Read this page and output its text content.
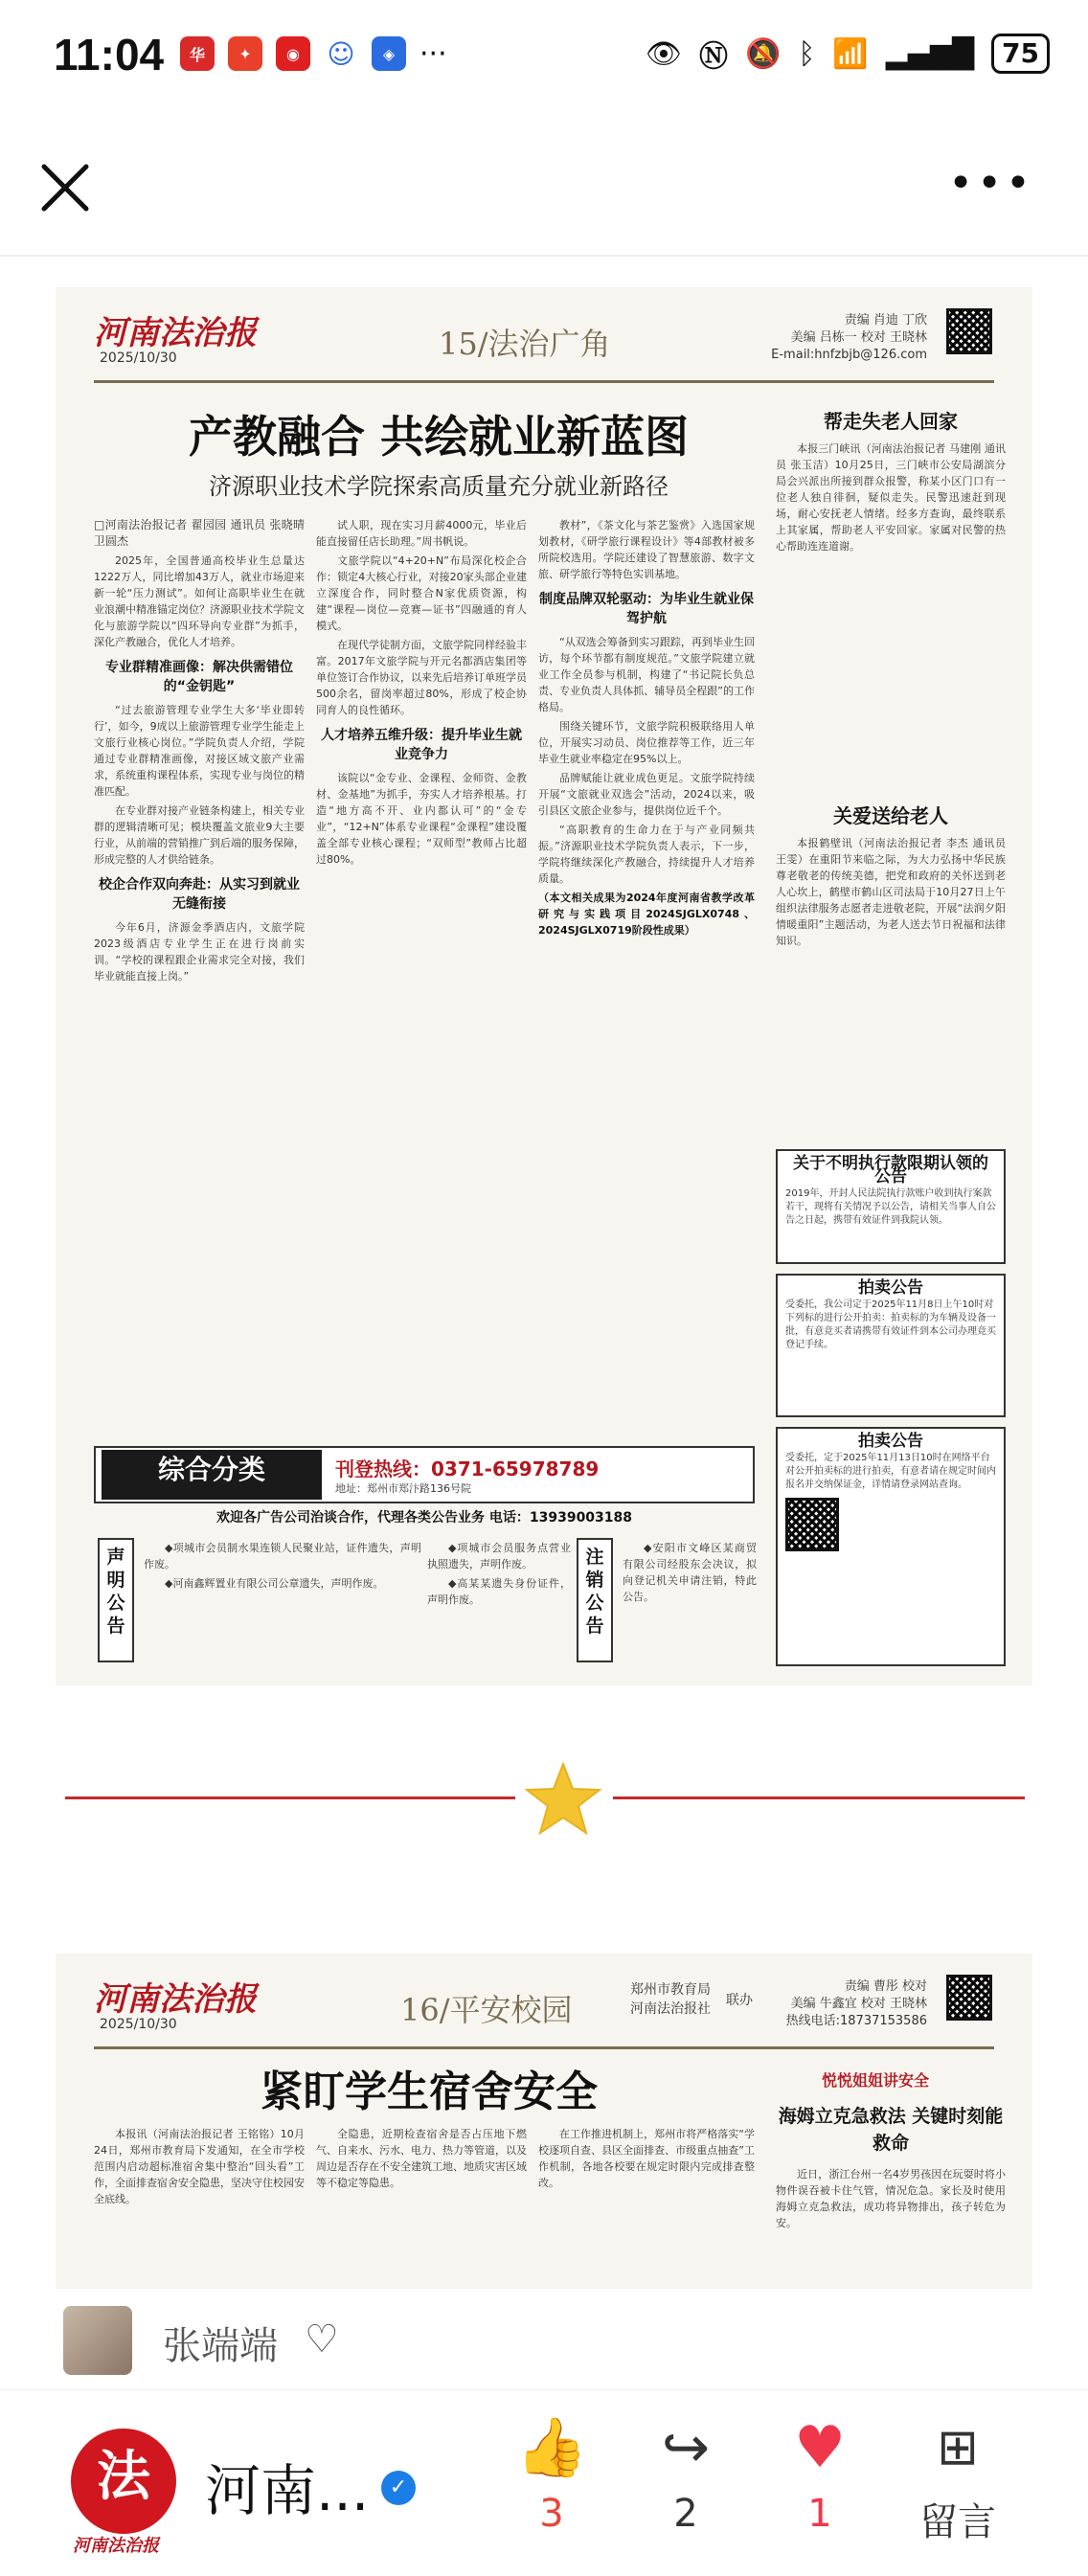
11:04	华	✦	◉	☺	◈ ···	👁 Ⓝ 🔕 ᛒ 📶 ▂▄▆█	75
•••
河南法治报
2025/10/30	15/法治广角
责编 肖迪 丁欣
美编 吕栋一 校对 王晓林
E-mail:hnfzbjb@126.com
产教融合 共绘就业新蓝图
济源职业技术学院探索高质量充分就业新路径

□河南法治报记者 翟园园 通讯员 张晓晴 卫圆杰

2025年，全国普通高校毕业生总量达1222万人，同比增加43万人，就业市场迎来新一轮“压力测试”。如何让高职毕业生在就业浪潮中精准锚定岗位？济源职业技术学院文化与旅游学院以“四环导向专业群”为抓手，深化产教融合，优化人才培养。

专业群精准画像：解决供需错位的“金钥匙”

“过去旅游管理专业学生大多‘毕业即转行’，如今，9成以上旅游管理专业学生能走上文旅行业核心岗位。”学院负责人介绍，学院通过专业群精准画像，对接区域文旅产业需求，系统重构课程体系，实现专业与岗位的精准匹配。

在专业群对接产业链条构建上，相关专业群的逻辑清晰可见；模块覆盖文旅业9大主要行业，从前端的营销推广到后端的服务保障，形成完整的人才供给链条。

校企合作双向奔赴：从实习到就业无缝衔接

今年6月，济源金季酒店内，文旅学院2023级酒店专业学生正在进行岗前实训。“学校的课程跟企业需求完全对接，我们毕业就能直接上岗。”

试人职，现在实习月薪4000元，毕业后能直接留任店长助理。”周书帆说。

文旅学院以“4+20+N”布局深化校企合作：锁定4大核心行业，对接20家头部企业建立深度合作，同时整合N家优质资源，构建“课程—岗位—竞赛—证书”四融通的育人模式。

在现代学徒制方面，文旅学院同样经验丰富。2017年文旅学院与开元名都酒店集团等单位签订合作协议，以来先后培养订单班学员500余名，留岗率超过80%，形成了校企协同育人的良性循环。

人才培养五维升级：提升毕业生就业竞争力

该院以“金专业、金课程、金师资、金教材、金基地”为抓手，夯实人才培养根基。打造“地方高不开、业内都认可”的“金专业”，“12+N”体系专业课程“金课程”建设覆盖全部专业核心课程；“双师型”教师占比超过80%。

教材”，《茶文化与茶艺鉴赏》入选国家规划教材，《研学旅行课程设计》等4部教材被多所院校选用。学院还建设了智慧旅游、数字文旅、研学旅行等特色实训基地。

制度品牌双轮驱动：为毕业生就业保驾护航

“从双选会筹备到实习跟踪，再到毕业生回访，每个环节都有制度规范。”文旅学院建立就业工作全员参与机制，构建了“书记院长负总责、专业负责人具体抓、辅导员全程跟”的工作格局。

围绕关键环节，文旅学院积极联络用人单位，开展实习动员、岗位推荐等工作，近三年毕业生就业率稳定在95%以上。

品牌赋能让就业成色更足。文旅学院持续开展“文旅就业双选会”活动，2024以来，吸引县区文旅企业参与，提供岗位近千个。

“高职教育的生命力在于与产业同频共振。”济源职业技术学院负责人表示，下一步，学院将继续深化产教融合，持续提升人才培养质量。

（本文相关成果为2024年度河南省教学改革研究与实践项目2024SJGLX0748、2024SJGLX0719阶段性成果）

帮走失老人回家

本报三门峡讯（河南法治报记者 马建刚 通讯员 张玉洁）10月25日，三门峡市公安局湖滨分局会兴派出所接到群众报警，称某小区门口有一位老人独自徘徊，疑似走失。民警迅速赶到现场，耐心安抚老人情绪。经多方查询，最终联系上其家属，帮助老人平安回家。家属对民警的热心帮助连连道谢。

关爱送给老人

本报鹤壁讯（河南法治报记者 李杰 通讯员 王雯）在重阳节来临之际，为大力弘扬中华民族尊老敬老的传统美德，把党和政府的关怀送到老人心坎上，鹤壁市鹤山区司法局于10月27日上午组织法律服务志愿者走进敬老院，开展“法润夕阳 情暖重阳”主题活动，为老人送去节日祝福和法律知识。

关于不明执行款限期认领的公告
2019年，开封人民法院执行款账户收到执行案款若干，现将有关情况予以公告，请相关当事人自公告之日起，携带有效证件到我院认领。
拍卖公告
受委托，我公司定于2025年11月8日上午10时对下列标的进行公开拍卖：拍卖标的为车辆及设备一批，有意竞买者请携带有效证件到本公司办理竞买登记手续。
拍卖公告
受委托，定于2025年11月13日10时在网络平台对公开拍卖标的进行拍卖，有意者请在规定时间内报名并交纳保证金，详情请登录网站查询。
综合分类	刊登热线：0371-65978789
地址：郑州市郑汴路136号院
欢迎各广告公司治谈合作，代理各类公告业务 电话：13939003188
声明公告

◆项城市会员制水果连锁人民聚业站，证件遗失，声明作废。

◆河南鑫辉置业有限公司公章遗失，声明作废。

◆项城市会员服务点营业执照遗失，声明作废。

◆高某某遗失身份证件，声明作废。

注销公告

◆安阳市文峰区某商贸有限公司经股东会决议，拟向登记机关申请注销，特此公告。

河南法治报
2025/10/30	16/平安校园
郑州市教育局
河南法治报社
联办
责编 曹彤 校对
美编 牛鑫宜 校对 王晓林
热线电话:18737153586
紧盯学生宿舍安全

本报讯（河南法治报记者 王铭铭）10月24日，郑州市教育局下发通知，在全市学校范围内启动超标准宿舍集中整治“回头看”工作，全面排查宿舍安全隐患，坚决守住校园安全底线。

全隐患，近期检查宿舍是否占压地下燃气、自来水、污水、电力、热力等管道，以及周边是否存在不安全建筑工地、地质灾害区域等不稳定等隐患。

在工作推进机制上，郑州市将严格落实“学校逐项自查、县区全面排查、市级重点抽查”工作机制，各地各校要在规定时限内完成排查整改。

悦悦姐姐讲安全
海姆立克急救法 关键时刻能救命

近日，浙江台州一名4岁男孩因在玩耍时将小物件误吞被卡住气管，情况危急。家长及时使用海姆立克急救法，成功将异物排出，孩子转危为安。

张端端 ♡
法
河南法治报
河南... ✓
👍
3
↪
2
♥
1
⊞
留言
